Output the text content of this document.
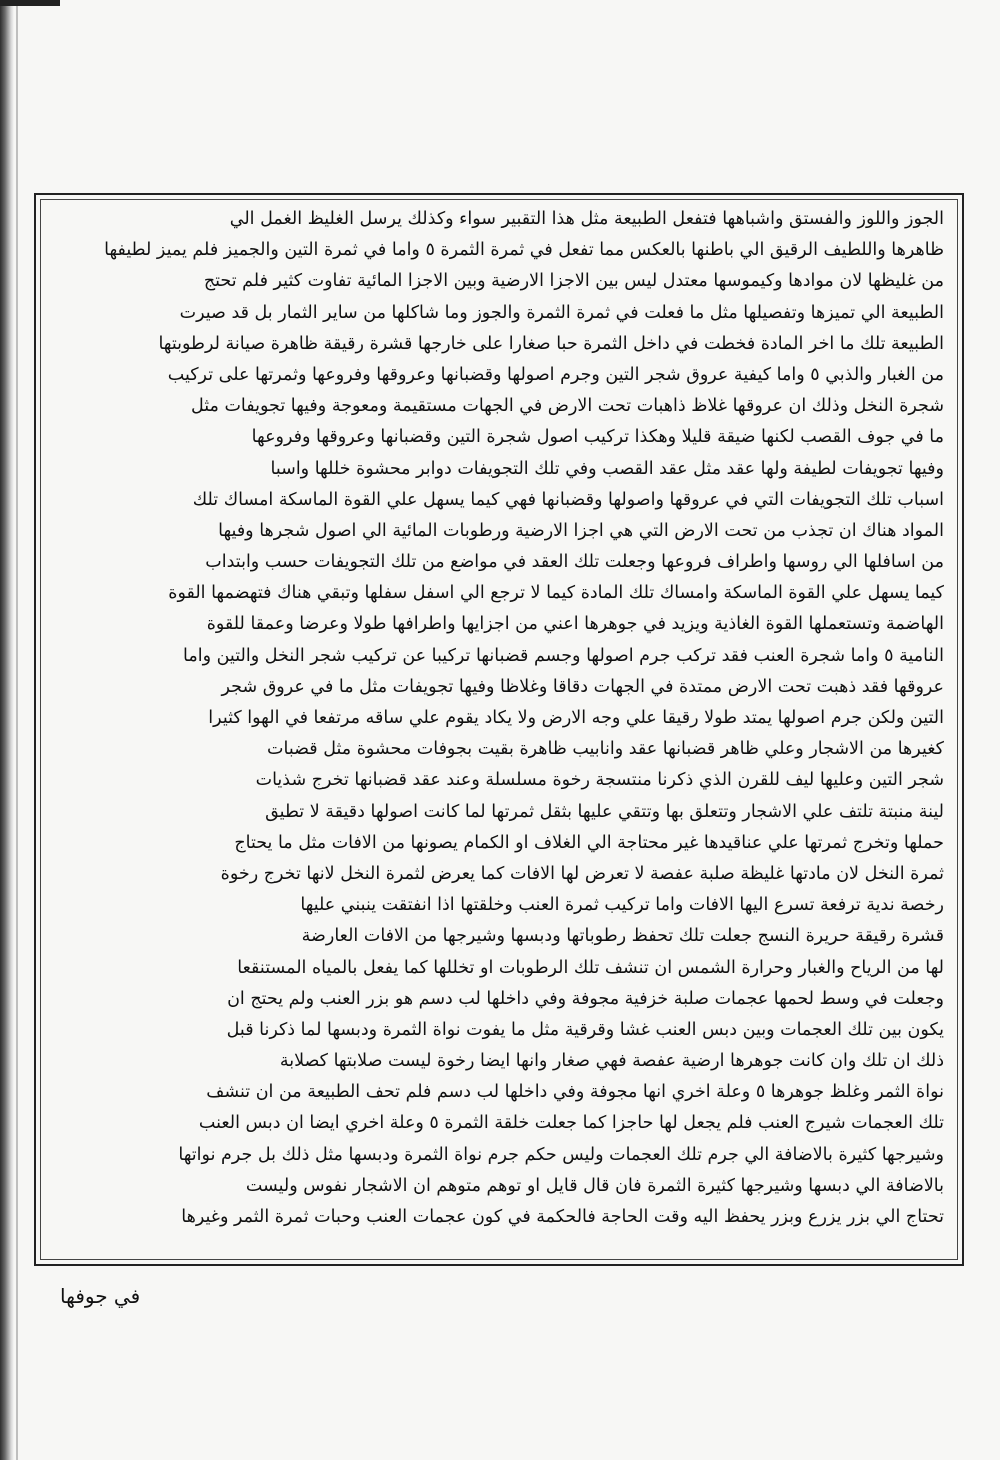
الجوز واللوز والفستق واشباهها فتفعل الطبيعة مثل هذا التقبير سواء وكذلك يرسل الغليظ الغمل الي
ظاهرها واللطيف الرقيق الي باطنها بالعكس مما تفعل في ثمرة الثمرة ٥ واما في ثمرة التين والجميز فلم يميز لطيفها
من غليظها لان موادها وكيموسها معتدل ليس بين الاجزا الارضية وبين الاجزا المائية تفاوت كثير فلم تحتج
الطبيعة الي تميزها وتفصيلها مثل ما فعلت في ثمرة الثمرة والجوز وما شاكلها من ساير الثمار بل قد صيرت
الطبيعة تلك ما اخر المادة فخطت في داخل الثمرة حبا صغارا على خارجها قشرة رقيقة ظاهرة صيانة لرطوبتها
من الغبار والذبي ٥ واما كيفية عروق شجر التين وجرم اصولها وقضبانها وعروقها وفروعها وثمرتها على تركيب
شجرة النخل وذلك ان عروقها غلاظ ذاهبات تحت الارض في الجهات مستقيمة ومعوجة وفيها تجويفات مثل
ما في جوف القصب لكنها ضيقة قليلا وهكذا تركيب اصول شجرة التين وقضبانها وعروقها وفروعها
وفيها تجويفات لطيفة ولها عقد مثل عقد القصب وفي تلك التجويفات دوابر محشوة خللها واسبا
اسباب تلك التجويفات التي في عروقها واصولها وقضبانها فهي كيما يسهل علي القوة الماسكة امساك تلك
المواد هناك ان تجذب من تحت الارض التي هي اجزا الارضية ورطوبات المائية الي اصول شجرها وفيها
من اسافلها الي روسها واطراف فروعها وجعلت تلك العقد في مواضع من تلك التجويفات حسب وابتداب
كيما يسهل علي القوة الماسكة وامساك تلك المادة كيما لا ترجع الي اسفل سفلها وتبقي هناك فتهضمها القوة
الهاضمة وتستعملها القوة الغاذية ويزيد في جوهرها اعني من اجزايها واطرافها طولا وعرضا وعمقا للقوة
النامية ٥ واما شجرة العنب فقد تركب جرم اصولها وجسم قضبانها تركيبا عن تركيب شجر النخل والتين واما
عروقها فقد ذهبت تحت الارض ممتدة في الجهات دقاقا وغلاظا وفيها تجويفات مثل ما في عروق شجر
التين ولكن جرم اصولها يمتد طولا رقيقا علي وجه الارض ولا يكاد يقوم علي ساقه مرتفعا في الهوا كثيرا
كغيرها من الاشجار وعلي ظاهر قضبانها عقد وانابيب ظاهرة بقيت بجوفات محشوة مثل قضبات
شجر التين وعليها ليف للقرن الذي ذكرنا منتسجة رخوة مسلسلة وعند عقد قضبانها تخرج شذيات
لينة منبتة تلتف علي الاشجار وتتعلق بها وتتقي عليها بثقل ثمرتها لما كانت اصولها دقيقة لا تطيق
حملها وتخرج ثمرتها علي عناقيدها غير محتاجة الي الغلاف او الكمام يصونها من الافات مثل ما يحتاج
ثمرة النخل لان مادتها غليظة صلبة عفصة لا تعرض لها الافات كما يعرض لثمرة النخل لانها تخرج رخوة
رخصة ندية ترفعة تسرع اليها الافات واما تركيب ثمرة العنب وخلقتها اذا انفتقت ينبني عليها
قشرة رقيقة حريرة النسج جعلت تلك تحفظ رطوباتها ودبسها وشيرجها من الافات العارضة
لها من الرياح والغبار وحرارة الشمس ان تنشف تلك الرطوبات او تخللها كما يفعل بالمياه المستنقعا
وجعلت في وسط لحمها عجمات صلبة خزفية مجوفة وفي داخلها لب دسم هو بزر العنب ولم يحتج ان
يكون بين تلك العجمات وبين دبس العنب غشا وقرقية مثل ما يفوت نواة الثمرة ودبسها لما ذكرنا قبل
ذلك ان تلك وان كانت جوهرها ارضية عفصة فهي صغار وانها ايضا رخوة ليست صلابتها كصلابة
نواة الثمر وغلظ جوهرها ٥ وعلة اخري انها مجوفة وفي داخلها لب دسم فلم تحف الطبيعة من ان تنشف
تلك العجمات شيرج العنب فلم يجعل لها حاجزا كما جعلت خلقة الثمرة ٥ وعلة اخري ايضا ان دبس العنب
وشيرجها كثيرة بالاضافة الي جرم تلك العجمات وليس حكم جرم نواة الثمرة ودبسها مثل ذلك بل جرم نواتها
بالاضافة الي دبسها وشيرجها كثيرة الثمرة فان قال قايل او توهم متوهم ان الاشجار نفوس وليست
تحتاج الي بزر يزرع وبزر يحفظ اليه وقت الحاجة فالحكمة في كون عجمات العنب وحبات ثمرة الثمر وغيرها
في جوفها
